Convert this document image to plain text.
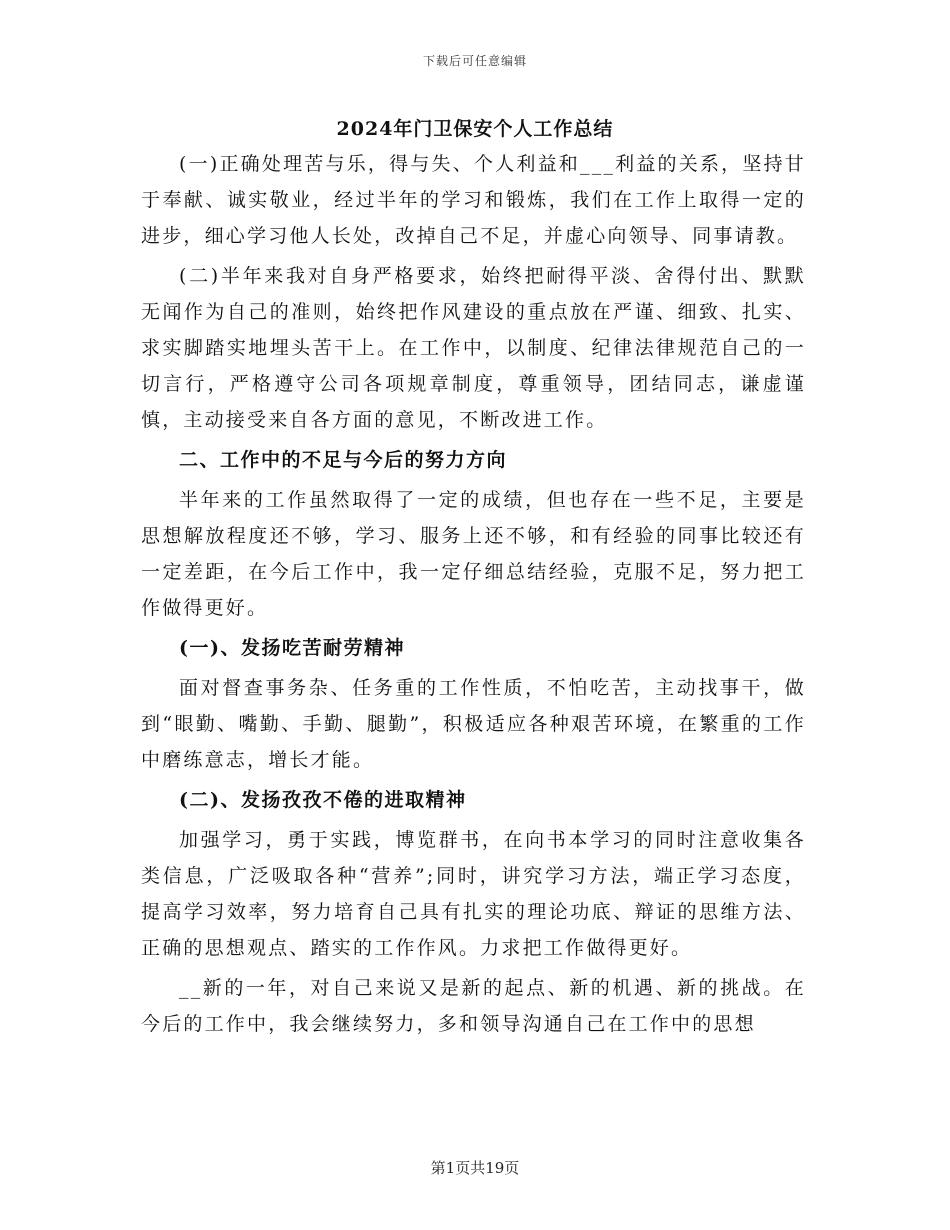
下载后可任意编辑
2024年门卫保安个人工作总结

(一)正确处理苦与乐，得与失、个人利益和___利益的关系，坚持甘于奉献、诚实敬业，经过半年的学习和锻炼，我们在工作上取得一定的进步，细心学习他人长处，改掉自己不足，并虚心向领导、同事请教。

(二)半年来我对自身严格要求，始终把耐得平淡、舍得付出、默默无闻作为自己的准则，始终把作风建设的重点放在严谨、细致、扎实、求实脚踏实地埋头苦干上。在工作中，以制度、纪律法律规范自己的一切言行，严格遵守公司各项规章制度，尊重领导，团结同志，谦虚谨慎，主动接受来自各方面的意见，不断改进工作。

二、工作中的不足与今后的努力方向

半年来的工作虽然取得了一定的成绩，但也存在一些不足，主要是思想解放程度还不够，学习、服务上还不够，和有经验的同事比较还有一定差距，在今后工作中，我一定仔细总结经验，克服不足，努力把工作做得更好。

(一)、发扬吃苦耐劳精神

面对督查事务杂、任务重的工作性质，不怕吃苦，主动找事干，做到“眼勤、嘴勤、手勤、腿勤”，积极适应各种艰苦环境，在繁重的工作中磨练意志，增长才能。

(二)、发扬孜孜不倦的进取精神

加强学习，勇于实践，博览群书，在向书本学习的同时注意收集各类信息，广泛吸取各种“营养”;同时，讲究学习方法，端正学习态度，提高学习效率，努力培育自己具有扎实的理论功底、辩证的思维方法、正确的思想观点、踏实的工作作风。力求把工作做得更好。

__新的一年，对自己来说又是新的起点、新的机遇、新的挑战。在今后的工作中，我会继续努力，多和领导沟通自己在工作中的思想

第1页共19页
